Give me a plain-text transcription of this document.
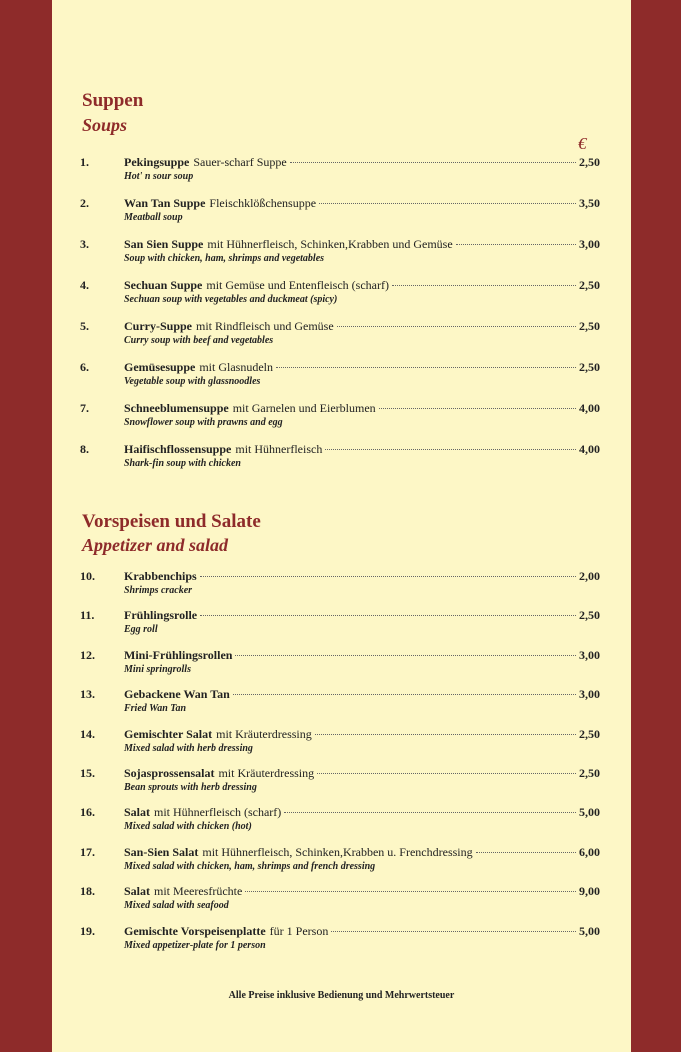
Suppen
Soups
€
1.	Pekingsuppe Sauer-scharf Suppe	2,50
Hot' n sour soup
2.	Wan Tan Suppe Fleischklößchensuppe	3,50
Meatball soup
3.	San Sien Suppe mit Hühnerfleisch, Schinken,Krabben und Gemüse	3,00
Soup with chicken, ham, shrimps and vegetables
4.	Sechuan Suppe mit Gemüse und Entenfleisch (scharf)	2,50
Sechuan soup with vegetables and duckmeat (spicy)
5.	Curry-Suppe mit Rindfleisch und Gemüse	2,50
Curry soup with beef and vegetables
6.	Gemüsesuppe mit Glasnudeln	2,50
Vegetable soup with glassnoodles
7.	Schneeblumensuppe mit Garnelen und Eierblumen	4,00
Snowflower soup with prawns and egg
8.	Haifischflossensuppe mit Hühnerfleisch	4,00
Shark-fin soup with chicken
Vorspeisen und Salate
Appetizer and salad
10. Krabbenchips	2,00
Shrimps cracker
11. Frühlingsrolle	2,50
Egg roll
12. Mini-Frühlingsrollen	3,00
Mini springrolls
13. Gebackene Wan Tan	3,00
Fried Wan Tan
14. Gemischter Salat mit Kräuterdressing	2,50
Mixed salad with herb dressing
15. Sojasprossensalat mit Kräuterdressing	2,50
Bean sprouts with herb dressing
16. Salat mit Hühnerfleisch (scharf)	5,00
Mixed salad with chicken (hot)
17. San-Sien Salat mit Hühnerfleisch, Schinken,Krabben u. Frenchdressing	6,00
Mixed salad with chicken, ham, shrimps and french dressing
18. Salat mit Meeresfrüchte	9,00
Mixed salad with seafood
19. Gemischte Vorspeisenplatte für 1 Person	5,00
Mixed appetizer-plate for 1 person
Alle Preise inklusive Bedienung und Mehrwertsteuer
